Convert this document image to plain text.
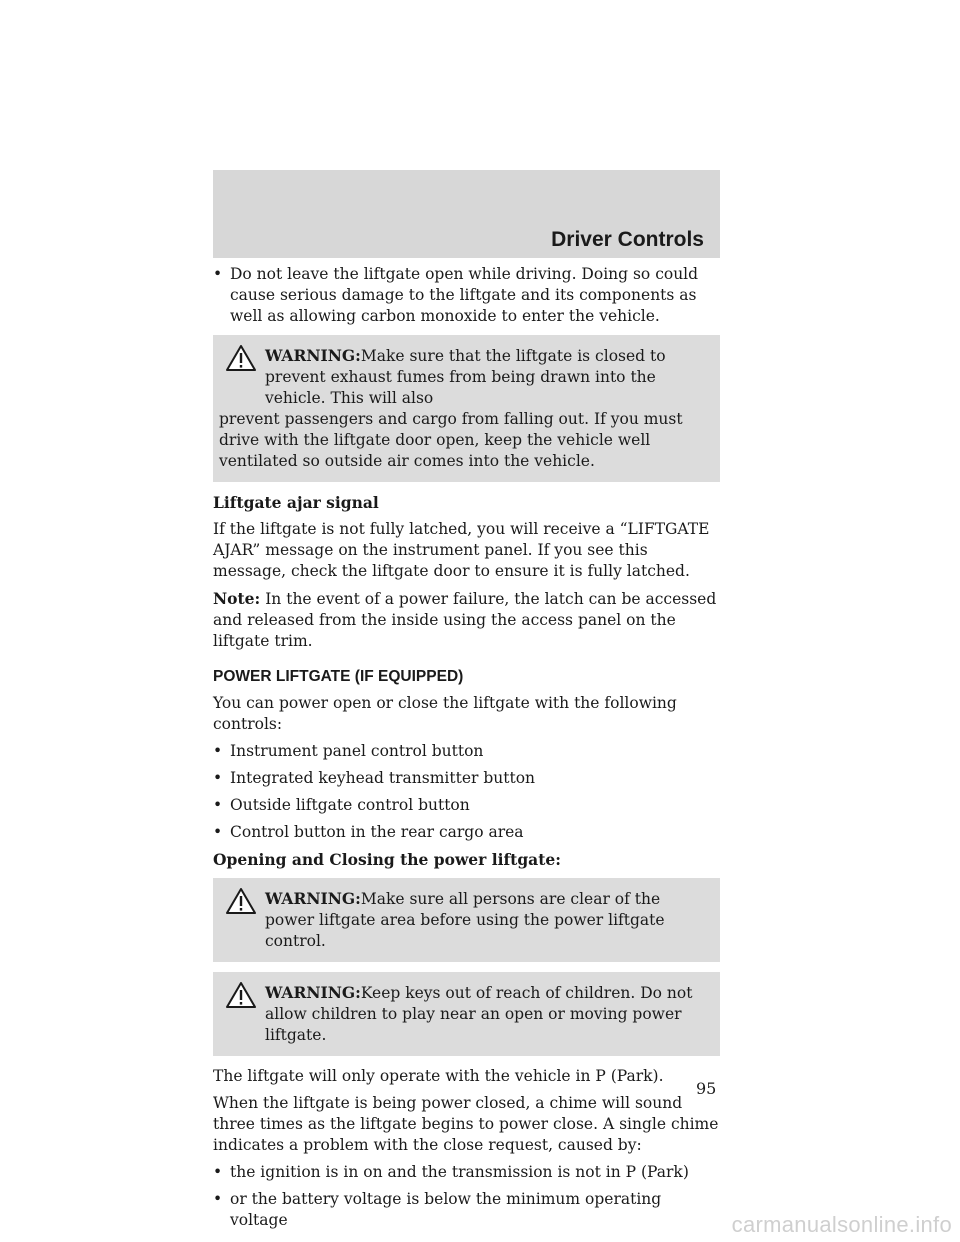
Driver Controls
• Do not leave the liftgate open while driving. Doing so could cause serious damage to the liftgate and its components as well as allowing carbon monoxide to enter the vehicle.
WARNING:Make sure that the liftgate is closed to prevent exhaust fumes from being drawn into the vehicle. This will also
prevent passengers and cargo from falling out. If you must drive with the liftgate door open, keep the vehicle well ventilated so outside air comes into the vehicle.

Liftgate ajar signal

If the liftgate is not fully latched, you will receive a “LIFTGATE AJAR” message on the instrument panel. If you see this message, check the liftgate door to ensure it is fully latched.

Note: In the event of a power failure, the latch can be accessed and released from the inside using the access panel on the liftgate trim.

POWER LIFTGATE (IF EQUIPPED)

You can power open or close the liftgate with the following controls:

• Instrument panel control button
• Integrated keyhead transmitter button
• Outside liftgate control button
• Control button in the rear cargo area

Opening and Closing the power liftgate:

WARNING:Make sure all persons are clear of the power liftgate area before using the power liftgate control.
WARNING:Keep keys out of reach of children. Do not allow children to play near an open or moving power liftgate.

The liftgate will only operate with the vehicle in P (Park).

When the liftgate is being power closed, a chime will sound three times as the liftgate begins to power close. A single chime indicates a problem with the close request, caused by:

• the ignition is in on and the transmission is not in P (Park)
• or the battery voltage is below the minimum operating voltage
95
carmanualsonline.info
